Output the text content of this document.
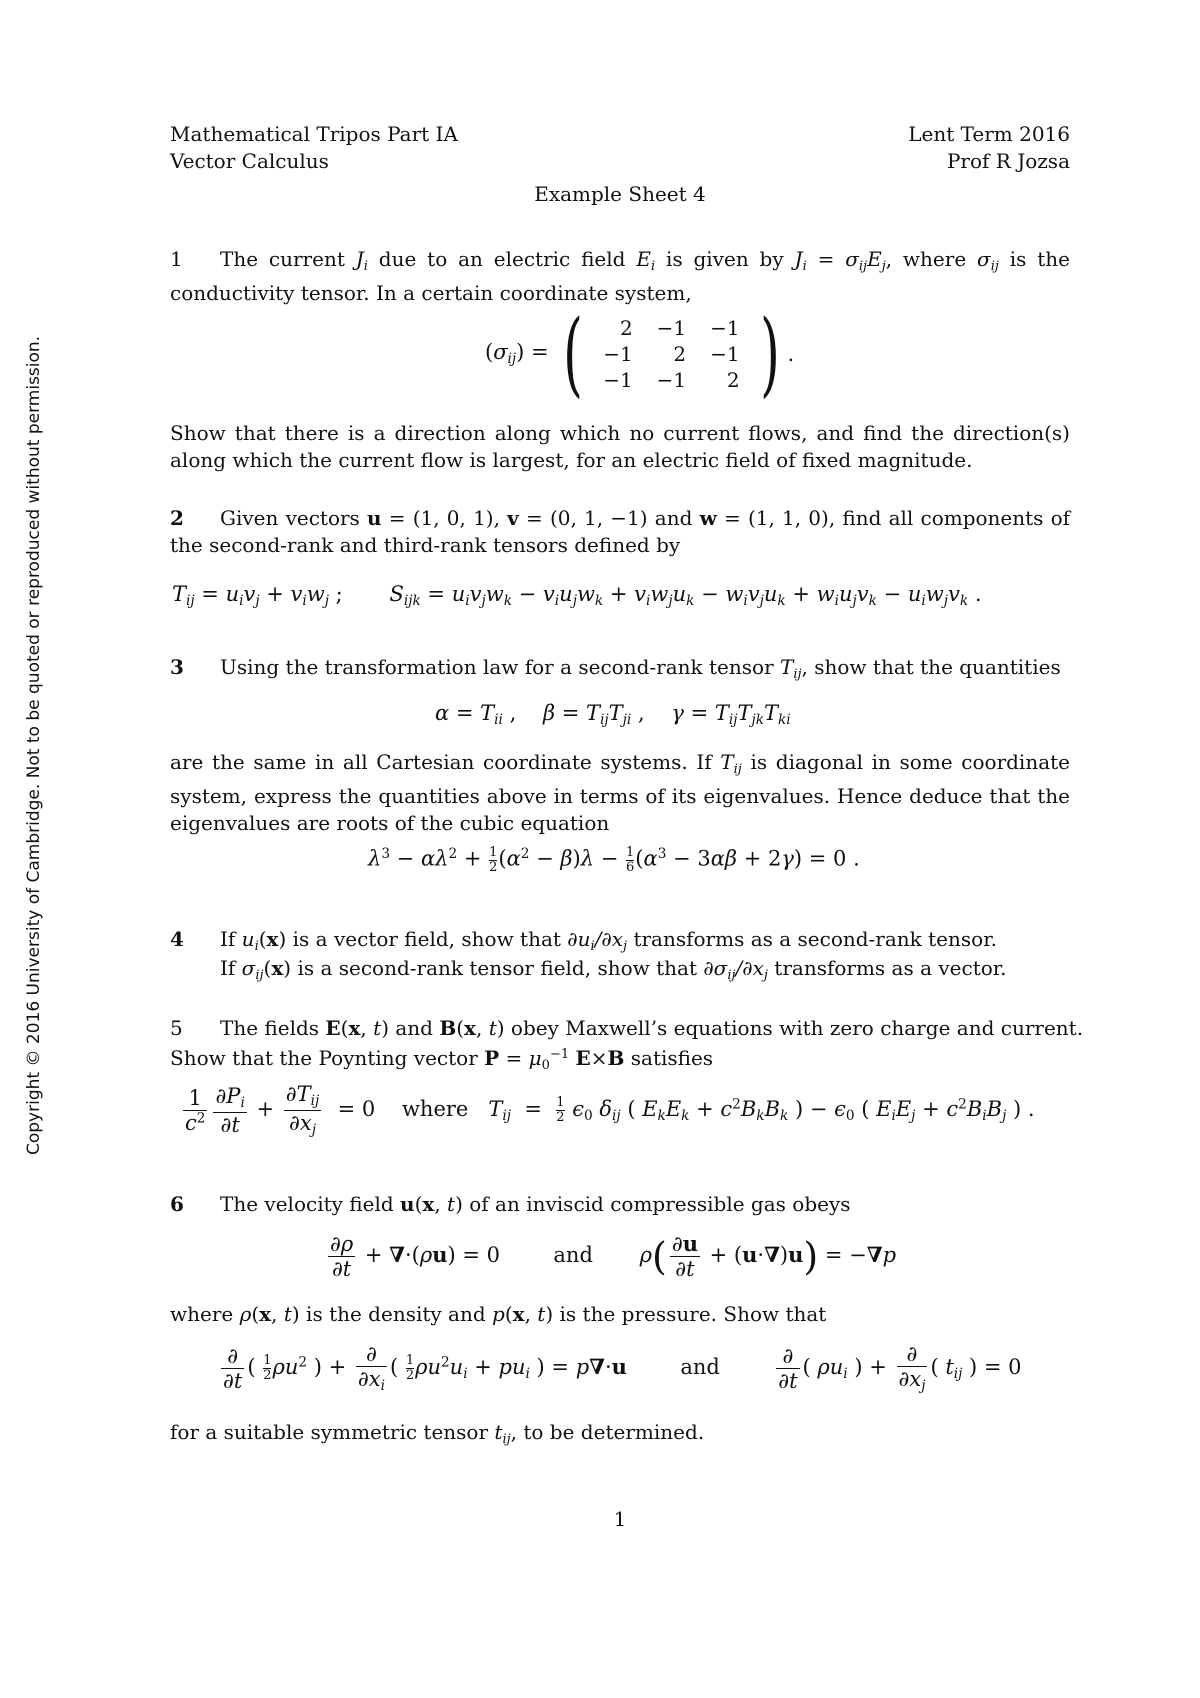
Copyright © 2016 University of Cambridge. Not to be quoted or reproduced without permission.
Mathematical Tripos Part IA	Lent Term 2016
Vector Calculus	Prof R Jozsa
Example Sheet 4
1 The current $J_i$ due to an electric field $E_i$ is given by $J_i = \sigma_{ij}E_j$, where $\sigma_{ij}$ is the conductivity tensor. In a certain coordinate system,
$(\sigma_{ij})$ = ( 2	−1	−1
−1	2	−1
−1	−1	2 ) .
Show that there is a direction along which no current flows, and find the direction(s) along which the current flow is largest, for an electric field of fixed magnitude.
2 Given vectors u = (1, 0, 1), v = (0, 1, −1) and w = (1, 1, 0), find all components of the second-rank and third-rank tensors defined by
$T_{ij} = u_iv_j + v_iw_j$ ;       $S_{ijk} = u_iv_jw_k - v_iu_jw_k + v_iw_ju_k - w_iv_ju_k + w_iu_jv_k - u_iw_jv_k$ .
3 Using the transformation law for a second-rank tensor $T_{ij}$, show that the quantities
$\alpha = T_{ii}$ ,    $\beta = T_{ij}T_{ji}$ ,    $\gamma = T_{ij}T_{jk}T_{ki}$
are the same in all Cartesian coordinate systems. If $T_{ij}$ is diagonal in some coordinate system, express the quantities above in terms of its eigenvalues. Hence deduce that the eigenvalues are roots of the cubic equation
$\lambda^3 - \alpha\lambda^2 + \frac{1}{2} (\alpha^2 - \beta)\lambda - \frac{1}{6} (\alpha^3 - 3\alpha\beta + 2\gamma) = 0$ .
4 If $u_i(x)$ is a vector field, show that $\partial u_i/\partial x_j$ transforms as a second-rank tensor.
If $\sigma_{ij}(x)$ is a second-rank tensor field, show that $\partial\sigma_{ij}/\partial x_j$ transforms as a vector.
5 The fields E(x, t) and B(x, t) obey Maxwell’s equations with zero charge and current.
Show that the Poynting vector $P = \mu_0^{-1}$ E×B satisfies
$\frac{1}{c^2} \frac{\partial P_i}{\partial t} + \frac{\partial T_{ij}}{\partial x_j} = 0$    where $T_{ij} = \frac{1}{2} \epsilon_0$ $\delta_{ij}$ ( $E_kE_k + c^2B_kB_k$ ) − $\epsilon_0$ ( $E_iE_j + c^2B_iB_j$ ) .
6 The velocity field u(x, t) of an inviscid compressible gas obeys
$\frac{\partial\rho}{\partial t} + \nabla\cdot(\rho u) = 0$        and $\rho( \frac{\partial u}{\partial t} + (u\cdot\nabla)u) = -\nabla p$
where ρ(x, t) is the density and p(x, t) is the pressure. Show that
$\frac{\partial}{\partial t}$ ( $\frac{1}{2} \rho u^2$ ) + $\frac{\partial}{\partial x_i}$ ( $\frac{1}{2} \rho u^2u_i + pu_i$ ) = p∇·u	and	$\frac{\partial}{\partial t}$ ( $\rho u_i$ ) + $\frac{\partial}{\partial x_j}$ ( $t_{ij}$ ) = 0
for a suitable symmetric tensor $t_{ij}$, to be determined.
1
